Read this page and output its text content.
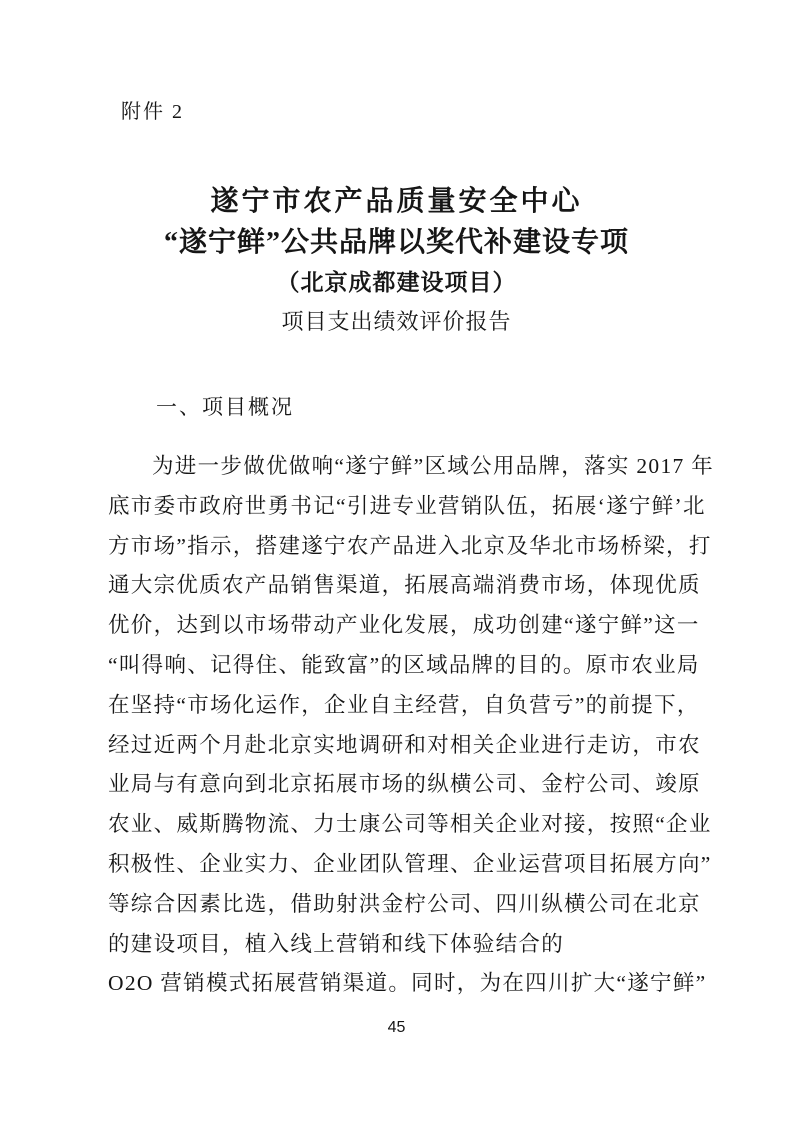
附件 2
遂宁市农产品质量安全中心
“遂宁鲜”公共品牌以奖代补建设专项
（北京成都建设项目）
项目支出绩效评价报告
一、项目概况
为进一步做优做响“遂宁鲜”区域公用品牌，落实 2017 年
底市委市政府世勇书记“引进专业营销队伍，拓展‘遂宁鲜’北
方市场”指示，搭建遂宁农产品进入北京及华北市场桥梁，打
通大宗优质农产品销售渠道，拓展高端消费市场，体现优质
优价，达到以市场带动产业化发展，成功创建“遂宁鲜”这一
“叫得响、记得住、能致富”的区域品牌的目的。原市农业局
在坚持“市场化运作，企业自主经营，自负营亏”的前提下，
经过近两个月赴北京实地调研和对相关企业进行走访，市农
业局与有意向到北京拓展市场的纵横公司、金柠公司、竣原
农业、威斯腾物流、力士康公司等相关企业对接，按照“企业
积极性、企业实力、企业团队管理、企业运营项目拓展方向”
等综合因素比选，借助射洪金柠公司、四川纵横公司在北京
的建设项目，植入线上营销和线下体验结合的
O2O 营销模式拓展营销渠道。同时，为在四川扩大“遂宁鲜”
45
